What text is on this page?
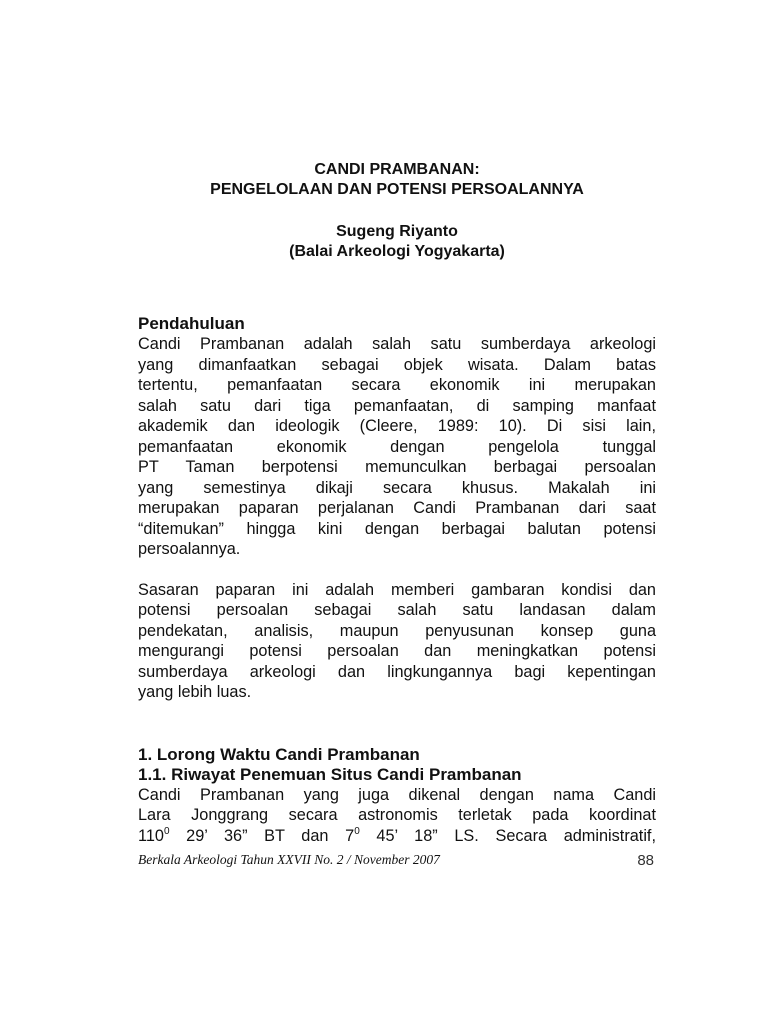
CANDI PRAMBANAN:
PENGELOLAAN DAN POTENSI PERSOALANNYA
Sugeng Riyanto
(Balai Arkeologi Yogyakarta)
Pendahuluan
Candi Prambanan adalah salah satu sumberdaya arkeologi
yang dimanfaatkan sebagai objek wisata. Dalam batas
tertentu, pemanfaatan secara ekonomik ini merupakan
salah satu dari tiga pemanfaatan, di samping manfaat
akademik dan ideologik (Cleere, 1989: 10). Di sisi lain,
pemanfaatan ekonomik dengan pengelola tunggal
PT Taman berpotensi memunculkan berbagai persoalan
yang semestinya dikaji secara khusus. Makalah ini
merupakan paparan perjalanan Candi Prambanan dari saat
“ditemukan” hingga kini dengan berbagai balutan potensi
persoalannya.
Sasaran paparan ini adalah memberi gambaran kondisi dan
potensi persoalan sebagai salah satu landasan dalam
pendekatan, analisis, maupun penyusunan konsep guna
mengurangi potensi persoalan dan meningkatkan potensi
sumberdaya arkeologi dan lingkungannya bagi kepentingan
yang lebih luas.
1. Lorong Waktu Candi Prambanan
1.1. Riwayat Penemuan Situs Candi Prambanan
Candi Prambanan yang juga dikenal dengan nama Candi
Lara Jonggrang secara astronomis terletak pada koordinat
$110^0$ 29’ 36” BT dan $7^0$ 45’ 18” LS. Secara administratif,
Berkala Arkeologi Tahun XXVII No. 2 / November 2007	88
